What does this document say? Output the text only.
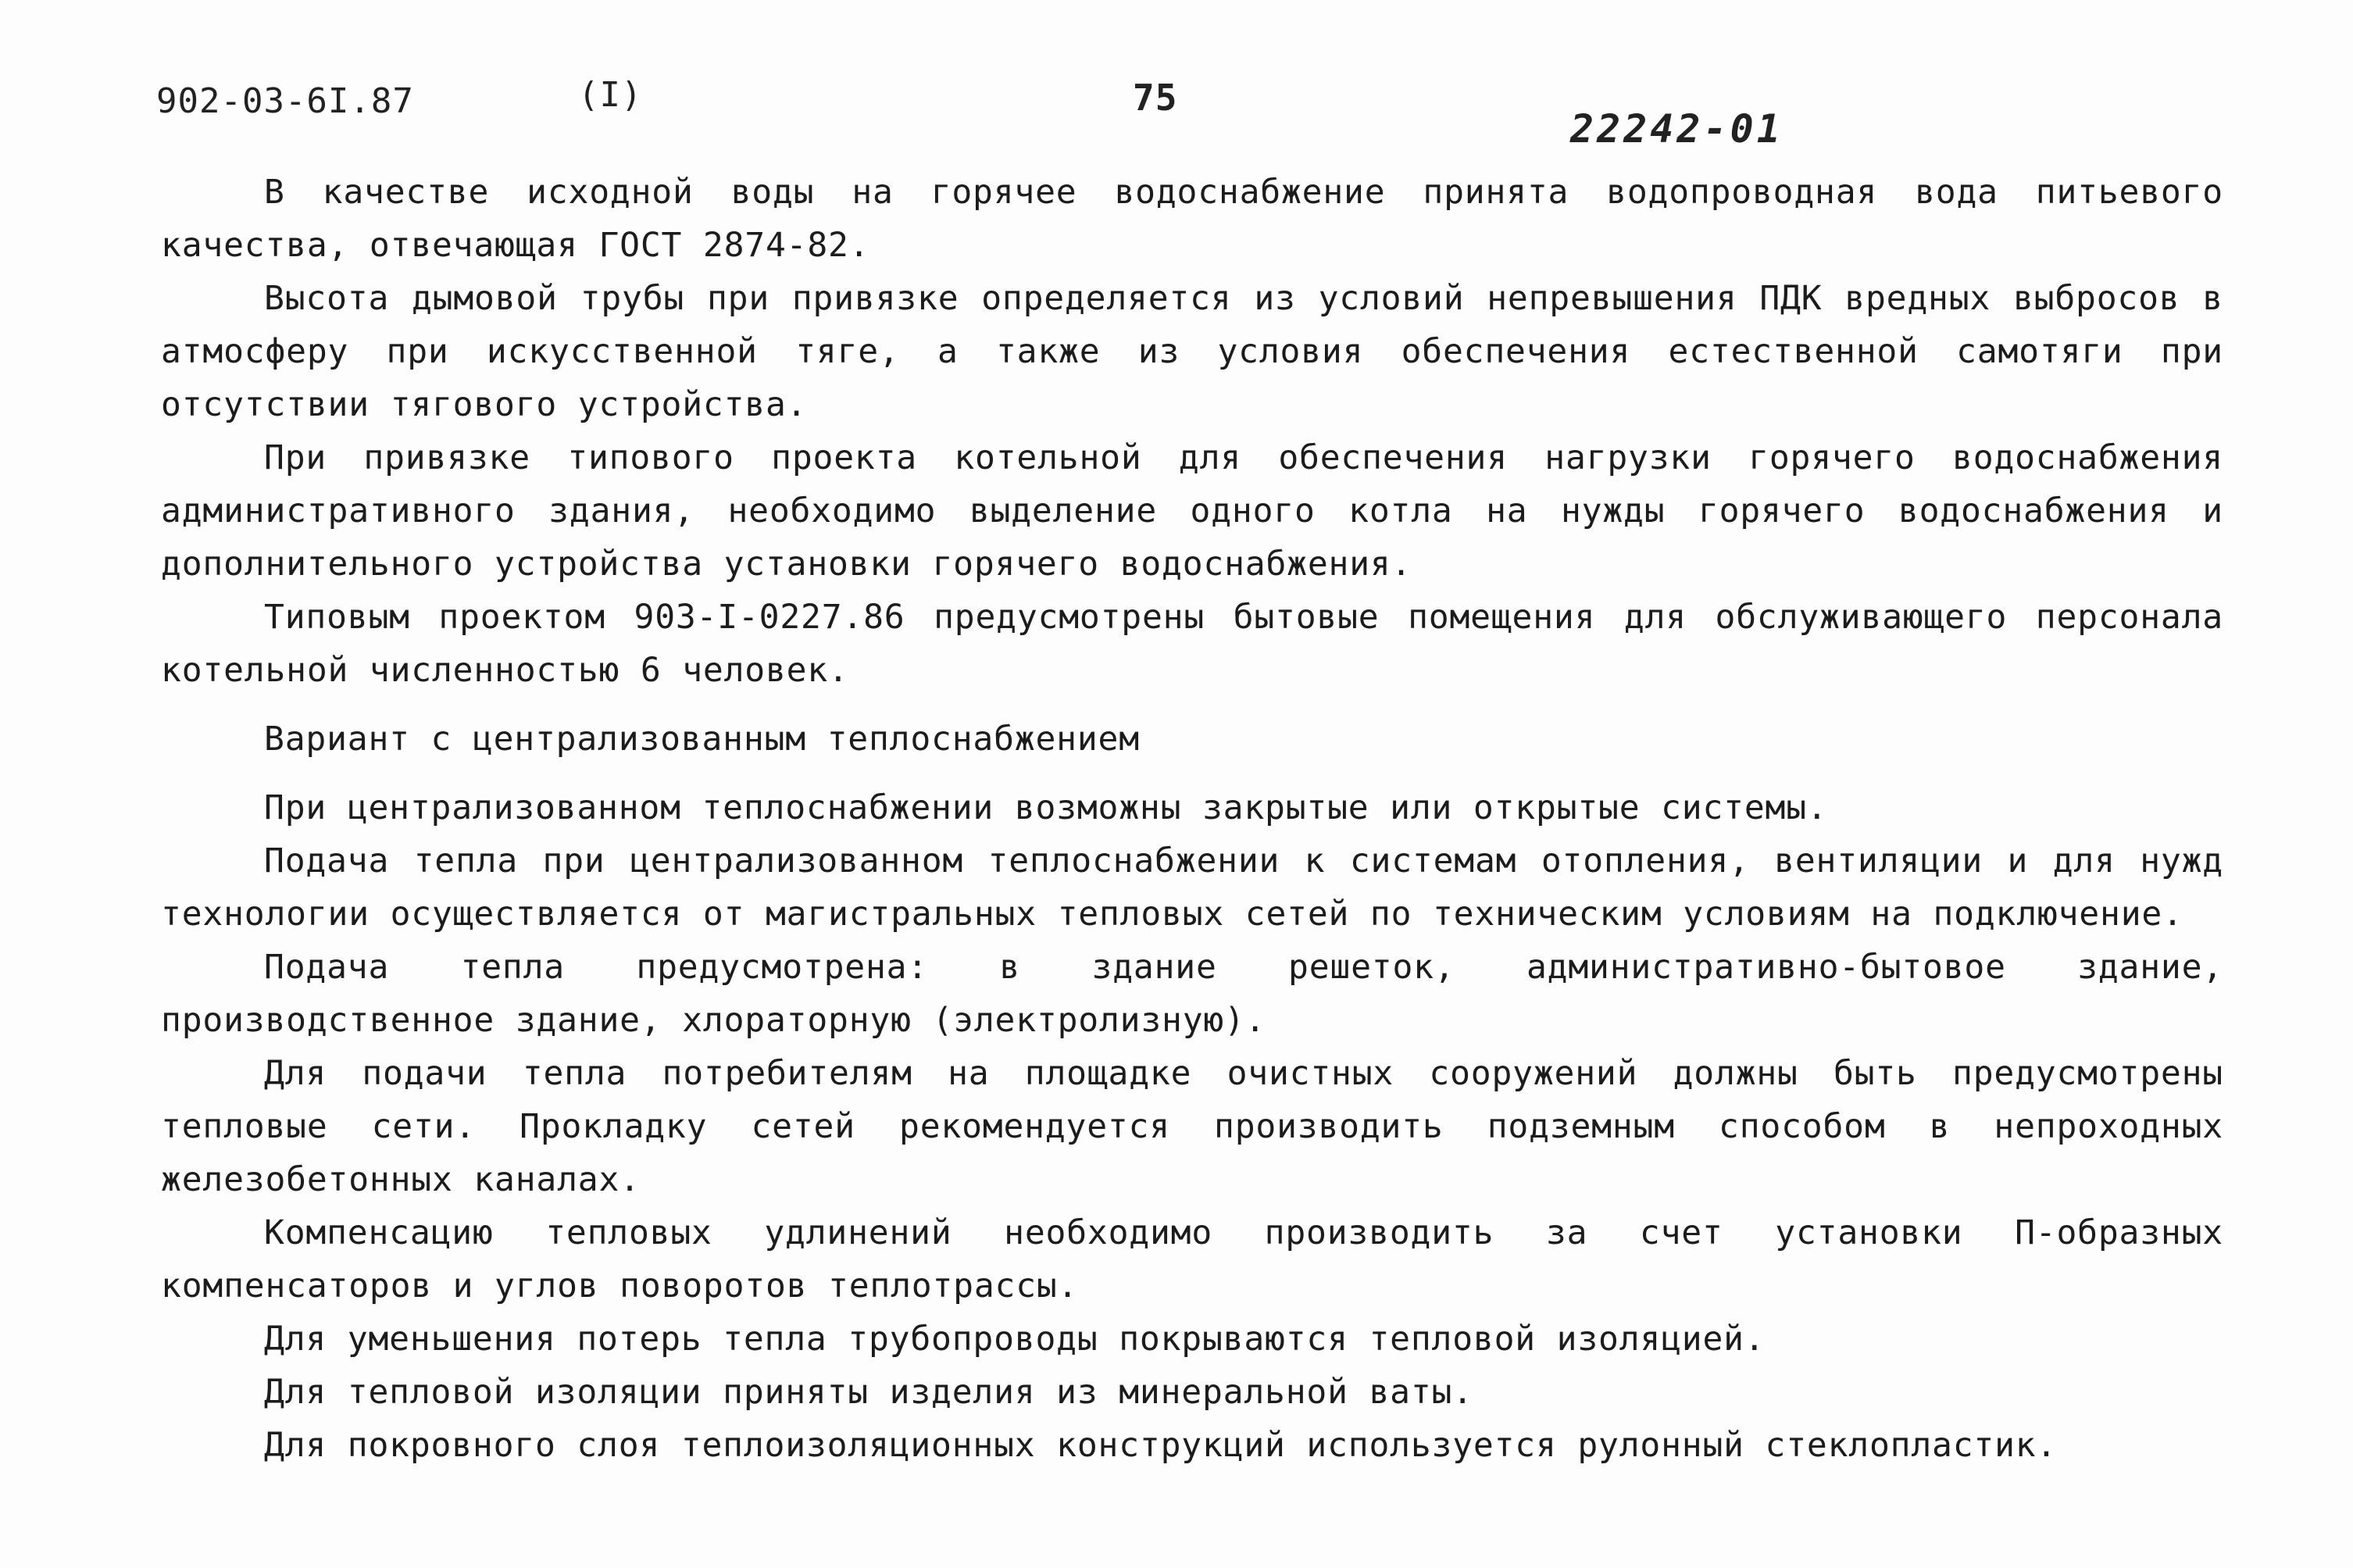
902-03-6I.87	(I)	75
22242-01

В качестве исходной воды на горячее водоснабжение принята водопроводная вода питьевого качества, отвечающая ГОСТ 2874-82.

Высота дымовой трубы при привязке определяется из условий непревышения ПДК вредных выбросов в атмосферу при искусственной тяге, а также из условия обеспечения естественной самотяги при отсутствии тягового устройства.

При привязке типового проекта котельной для обеспечения нагрузки горячего водоснабжения административного здания, необходимо выделение одного котла на нужды горячего водоснабжения и дополнительного устройства установки горячего водоснабжения.

Типовым проектом 903-I-0227.86 предусмотрены бытовые помещения для обслуживающего персонала котельной численностью 6 человек.

Вариант с централизованным теплоснабжением

При централизованном теплоснабжении возможны закрытые или открытые системы.

Подача тепла при централизованном теплоснабжении к системам отопления, вентиляции и для нужд технологии осуществляется от магистральных тепловых сетей по техническим условиям на подключение.

Подача тепла предусмотрена: в здание решеток, административно-бытовое здание, производственное здание, хлораторную (электролизную).

Для подачи тепла потребителям на площадке очистных сооружений должны быть предусмотрены тепловые сети. Прокладку сетей рекомендуется производить подземным способом в непроходных железобетонных каналах.

Компенсацию тепловых удлинений необходимо производить за счет установки П-образных компенсаторов и углов поворотов теплотрассы.

Для уменьшения потерь тепла трубопроводы покрываются тепловой изоляцией.

Для тепловой изоляции приняты изделия из минеральной ваты.

Для покровного слоя теплоизоляционных конструкций используется рулонный стеклопластик.
